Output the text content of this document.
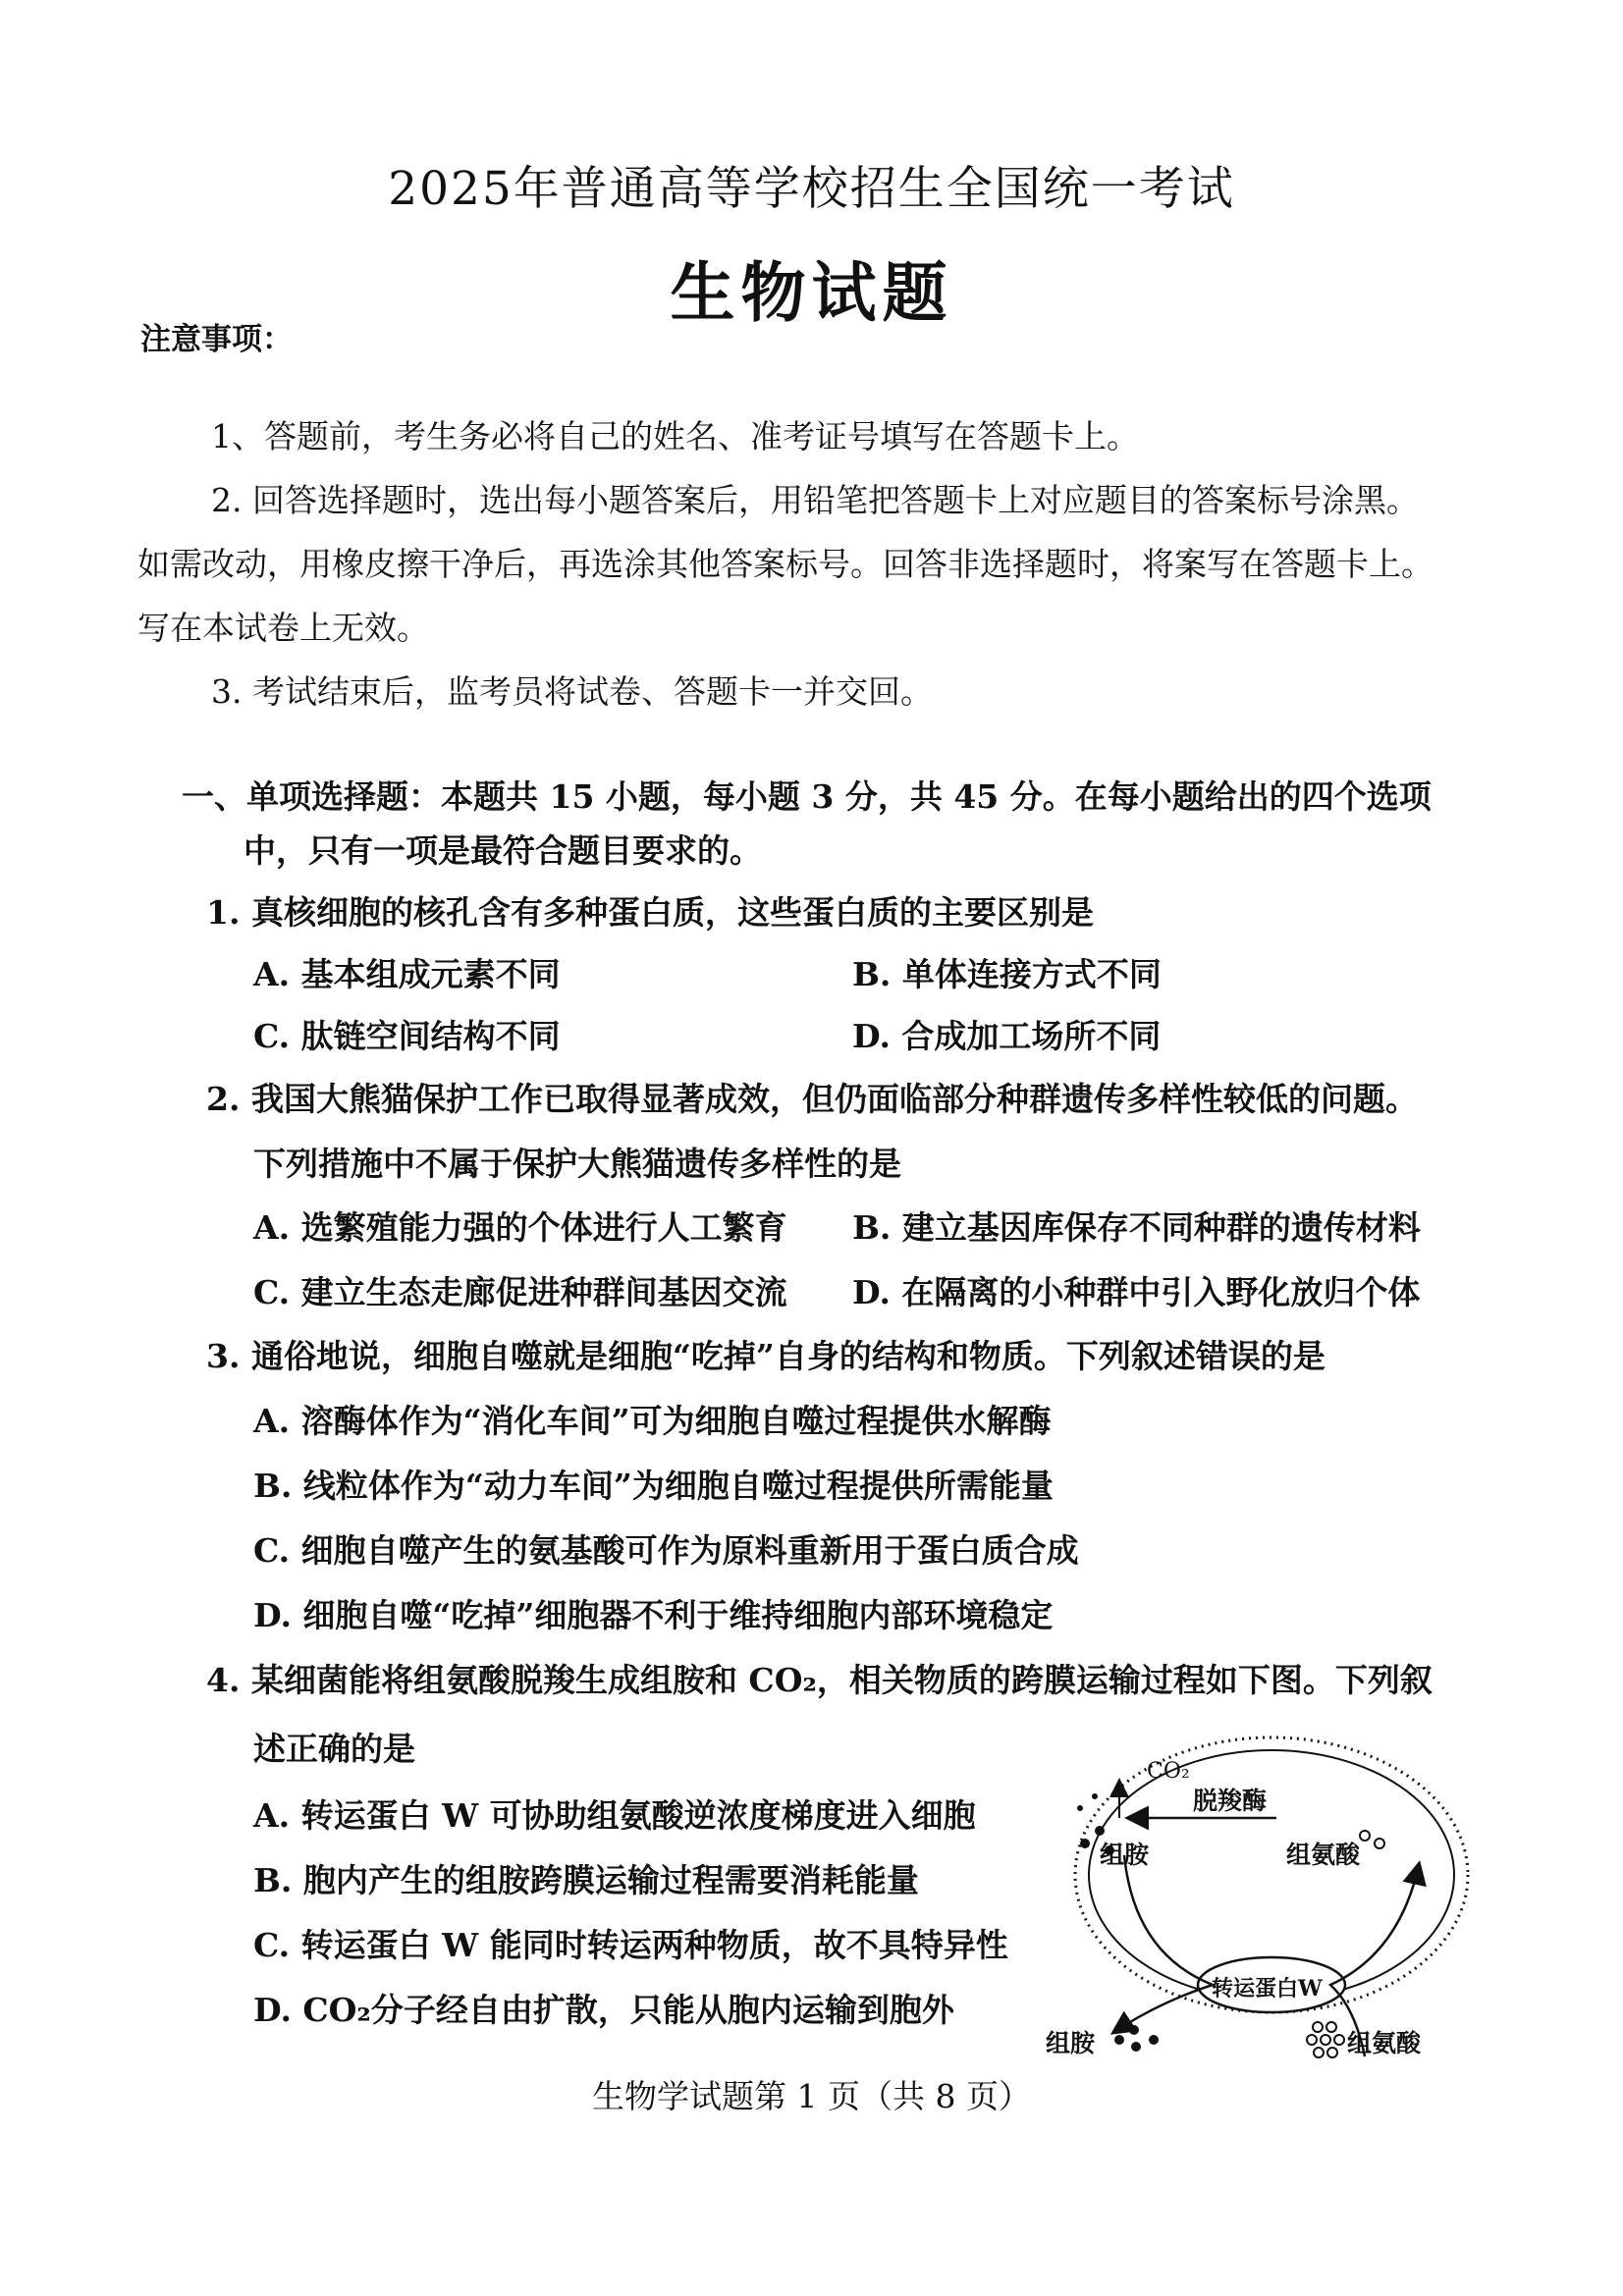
2025年普通高等学校招生全国统一考试
生物试题
注意事项：
1、答题前，考生务必将自己的姓名、准考证号填写在答题卡上。
2. 回答选择题时，选出每小题答案后，用铅笔把答题卡上对应题目的答案标号涂黑。
如需改动，用橡皮擦干净后，再选涂其他答案标号。回答非选择题时，将案写在答题卡上。
写在本试卷上无效。
3. 考试结束后，监考员将试卷、答题卡一并交回。
一、单项选择题：本题共 15 小题，每小题 3 分，共 45 分。在每小题给出的四个选项
中，只有一项是最符合题目要求的。
1. 真核细胞的核孔含有多种蛋白质，这些蛋白质的主要区别是
A. 基本组成元素不同	B. 单体连接方式不同
C. 肽链空间结构不同	D. 合成加工场所不同
2. 我国大熊猫保护工作已取得显著成效，但仍面临部分种群遗传多样性较低的问题。
下列措施中不属于保护大熊猫遗传多样性的是
A. 选繁殖能力强的个体进行人工繁育 B. 建立基因库保存不同种群的遗传材料
C. 建立生态走廊促进种群间基因交流 D. 在隔离的小种群中引入野化放归个体
3. 通俗地说，细胞自噬就是细胞“吃掉”自身的结构和物质。下列叙述错误的是
A. 溶酶体作为“消化车间”可为细胞自噬过程提供水解酶
B. 线粒体作为“动力车间”为细胞自噬过程提供所需能量
C. 细胞自噬产生的氨基酸可作为原料重新用于蛋白质合成
D. 细胞自噬“吃掉”细胞器不利于维持细胞内部环境稳定
4. 某细菌能将组氨酸脱羧生成组胺和 CO₂，相关物质的跨膜运输过程如下图。下列叙
述正确的是
A. 转运蛋白 W 可协助组氨酸逆浓度梯度进入细胞
B. 胞内产生的组胺跨膜运输过程需要消耗能量
C. 转运蛋白 W 能同时转运两种物质，故不具特异性
D. CO₂分子经自由扩散，只能从胞内运输到胞外
CO₂
脱羧酶
组胺	组氨酸
转运蛋白W
组胺	组氨酸
生物学试题第 1 页（共 8 页）
